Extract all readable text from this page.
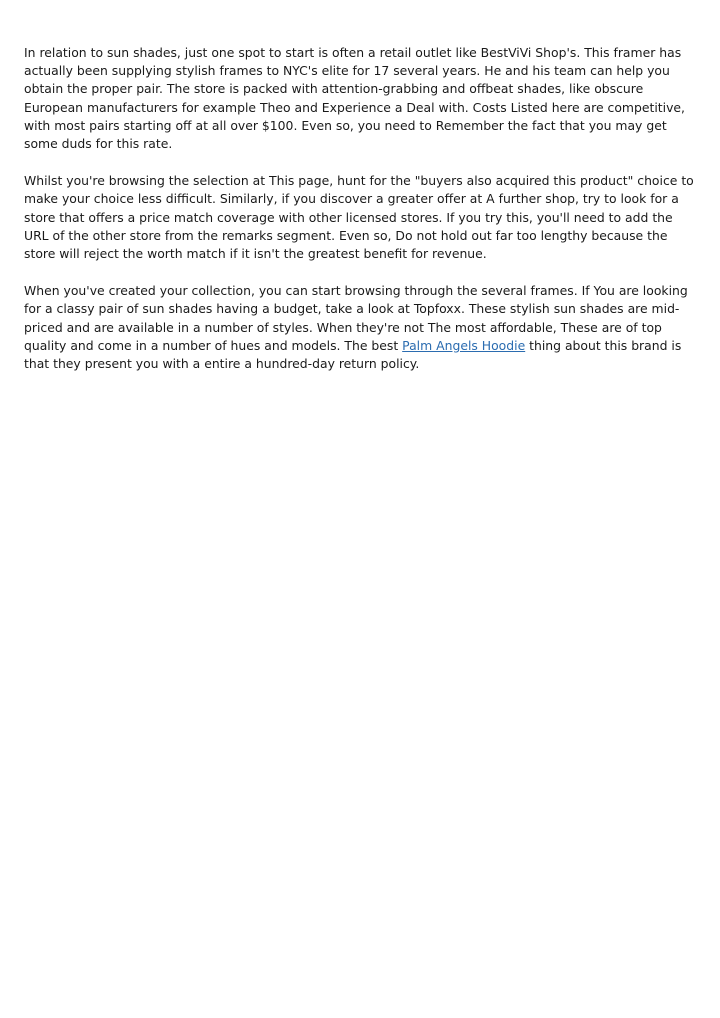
In relation to sun shades, just one spot to start is often a retail outlet like BestViVi Shop's. This framer has actually been supplying stylish frames to NYC's elite for 17 several years. He and his team can help you obtain the proper pair. The store is packed with attention-grabbing and offbeat shades, like obscure European manufacturers for example Theo and Experience a Deal with. Costs Listed here are competitive, with most pairs starting off at all over $100. Even so, you need to Remember the fact that you may get some duds for this rate.

Whilst you're browsing the selection at This page, hunt for the "buyers also acquired this product" choice to make your choice less difficult. Similarly, if you discover a greater offer at A further shop, try to look for a store that offers a price match coverage with other licensed stores. If you try this, you'll need to add the URL of the other store from the remarks segment. Even so, Do not hold out far too lengthy because the store will reject the worth match if it isn't the greatest benefit for revenue.

When you've created your collection, you can start browsing through the several frames. If You are looking for a classy pair of sun shades having a budget, take a look at Topfoxx. These stylish sun shades are mid-priced and are available in a number of styles. When they're not The most affordable, These are of top quality and come in a number of hues and models. The best Palm Angels Hoodie thing about this brand is that they present you with a entire a hundred-day return policy.
